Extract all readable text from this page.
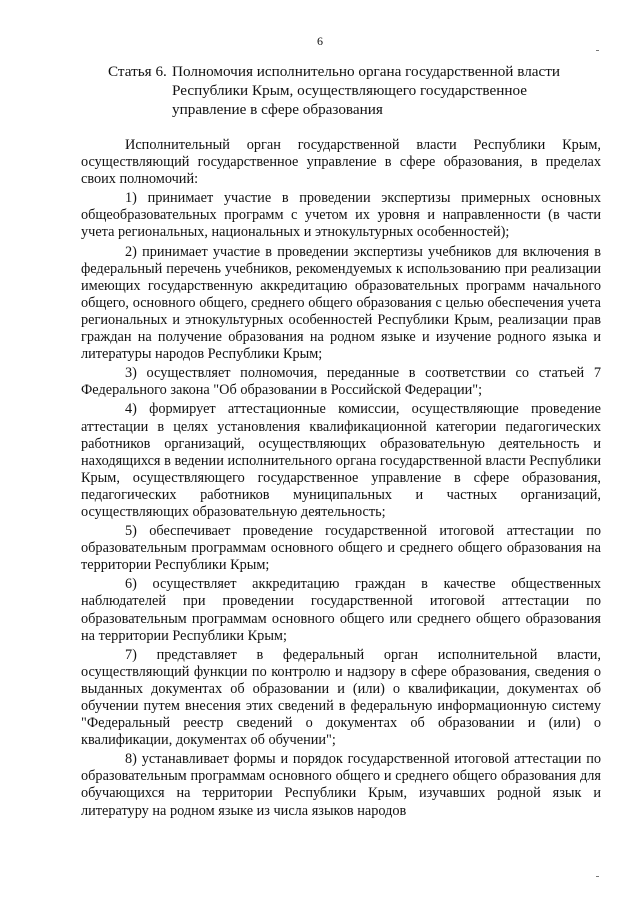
6
Статья 6. Полномочия исполнительно органа государственной власти
Республики Крым, осуществляющего государственное
управление в сфере образования

Исполнительный орган государственной власти Республики Крым, осуществляющий государственное управление в сфере образования, в пределах своих полномочий:

1) принимает участие в проведении экспертизы примерных основных общеобразовательных программ с учетом их уровня и направленности (в части учета региональных, национальных и этнокультурных особенностей);

2) принимает участие в проведении экспертизы учебников для включения в федеральный перечень учебников, рекомендуемых к использованию при реализации имеющих государственную аккредитацию образовательных программ начального общего, основного общего, среднего общего образования с целью обеспечения учета региональных и этнокультурных особенностей Республики Крым, реализации прав граждан на получение образования на родном языке и изучение родного языка и литературы народов Республики Крым;

3) осуществляет полномочия, переданные в соответствии со статьей 7 Федерального закона "Об образовании в Российской Федерации";

4) формирует аттестационные комиссии, осуществляющие проведение аттестации в целях установления квалификационной категории педагогических работников организаций, осуществляющих образовательную деятельность и находящихся в ведении исполнительного органа государственной власти Республики Крым, осуществляющего государственное управление в сфере образования, педагогических работников муниципальных и частных организаций, осуществляющих образовательную деятельность;

5) обеспечивает проведение государственной итоговой аттестации по образовательным программам основного общего и среднего общего образования на территории Республики Крым;

6) осуществляет аккредитацию граждан в качестве общественных наблюдателей при проведении государственной итоговой аттестации по образовательным программам основного общего или среднего общего образования на территории Республики Крым;

7) представляет в федеральный орган исполнительной власти, осуществляющий функции по контролю и надзору в сфере образования, сведения о выданных документах об образовании и (или) о квалификации, документах об обучении путем внесения этих сведений в федеральную информационную систему "Федеральный реестр сведений о документах об образовании и (или) о квалификации, документах об обучении";

8) устанавливает формы и порядок государственной итоговой аттестации по образовательным программам основного общего и среднего общего образования для обучающихся на территории Республики Крым, изучавших родной язык и литературу на родном языке из числа языков народов
